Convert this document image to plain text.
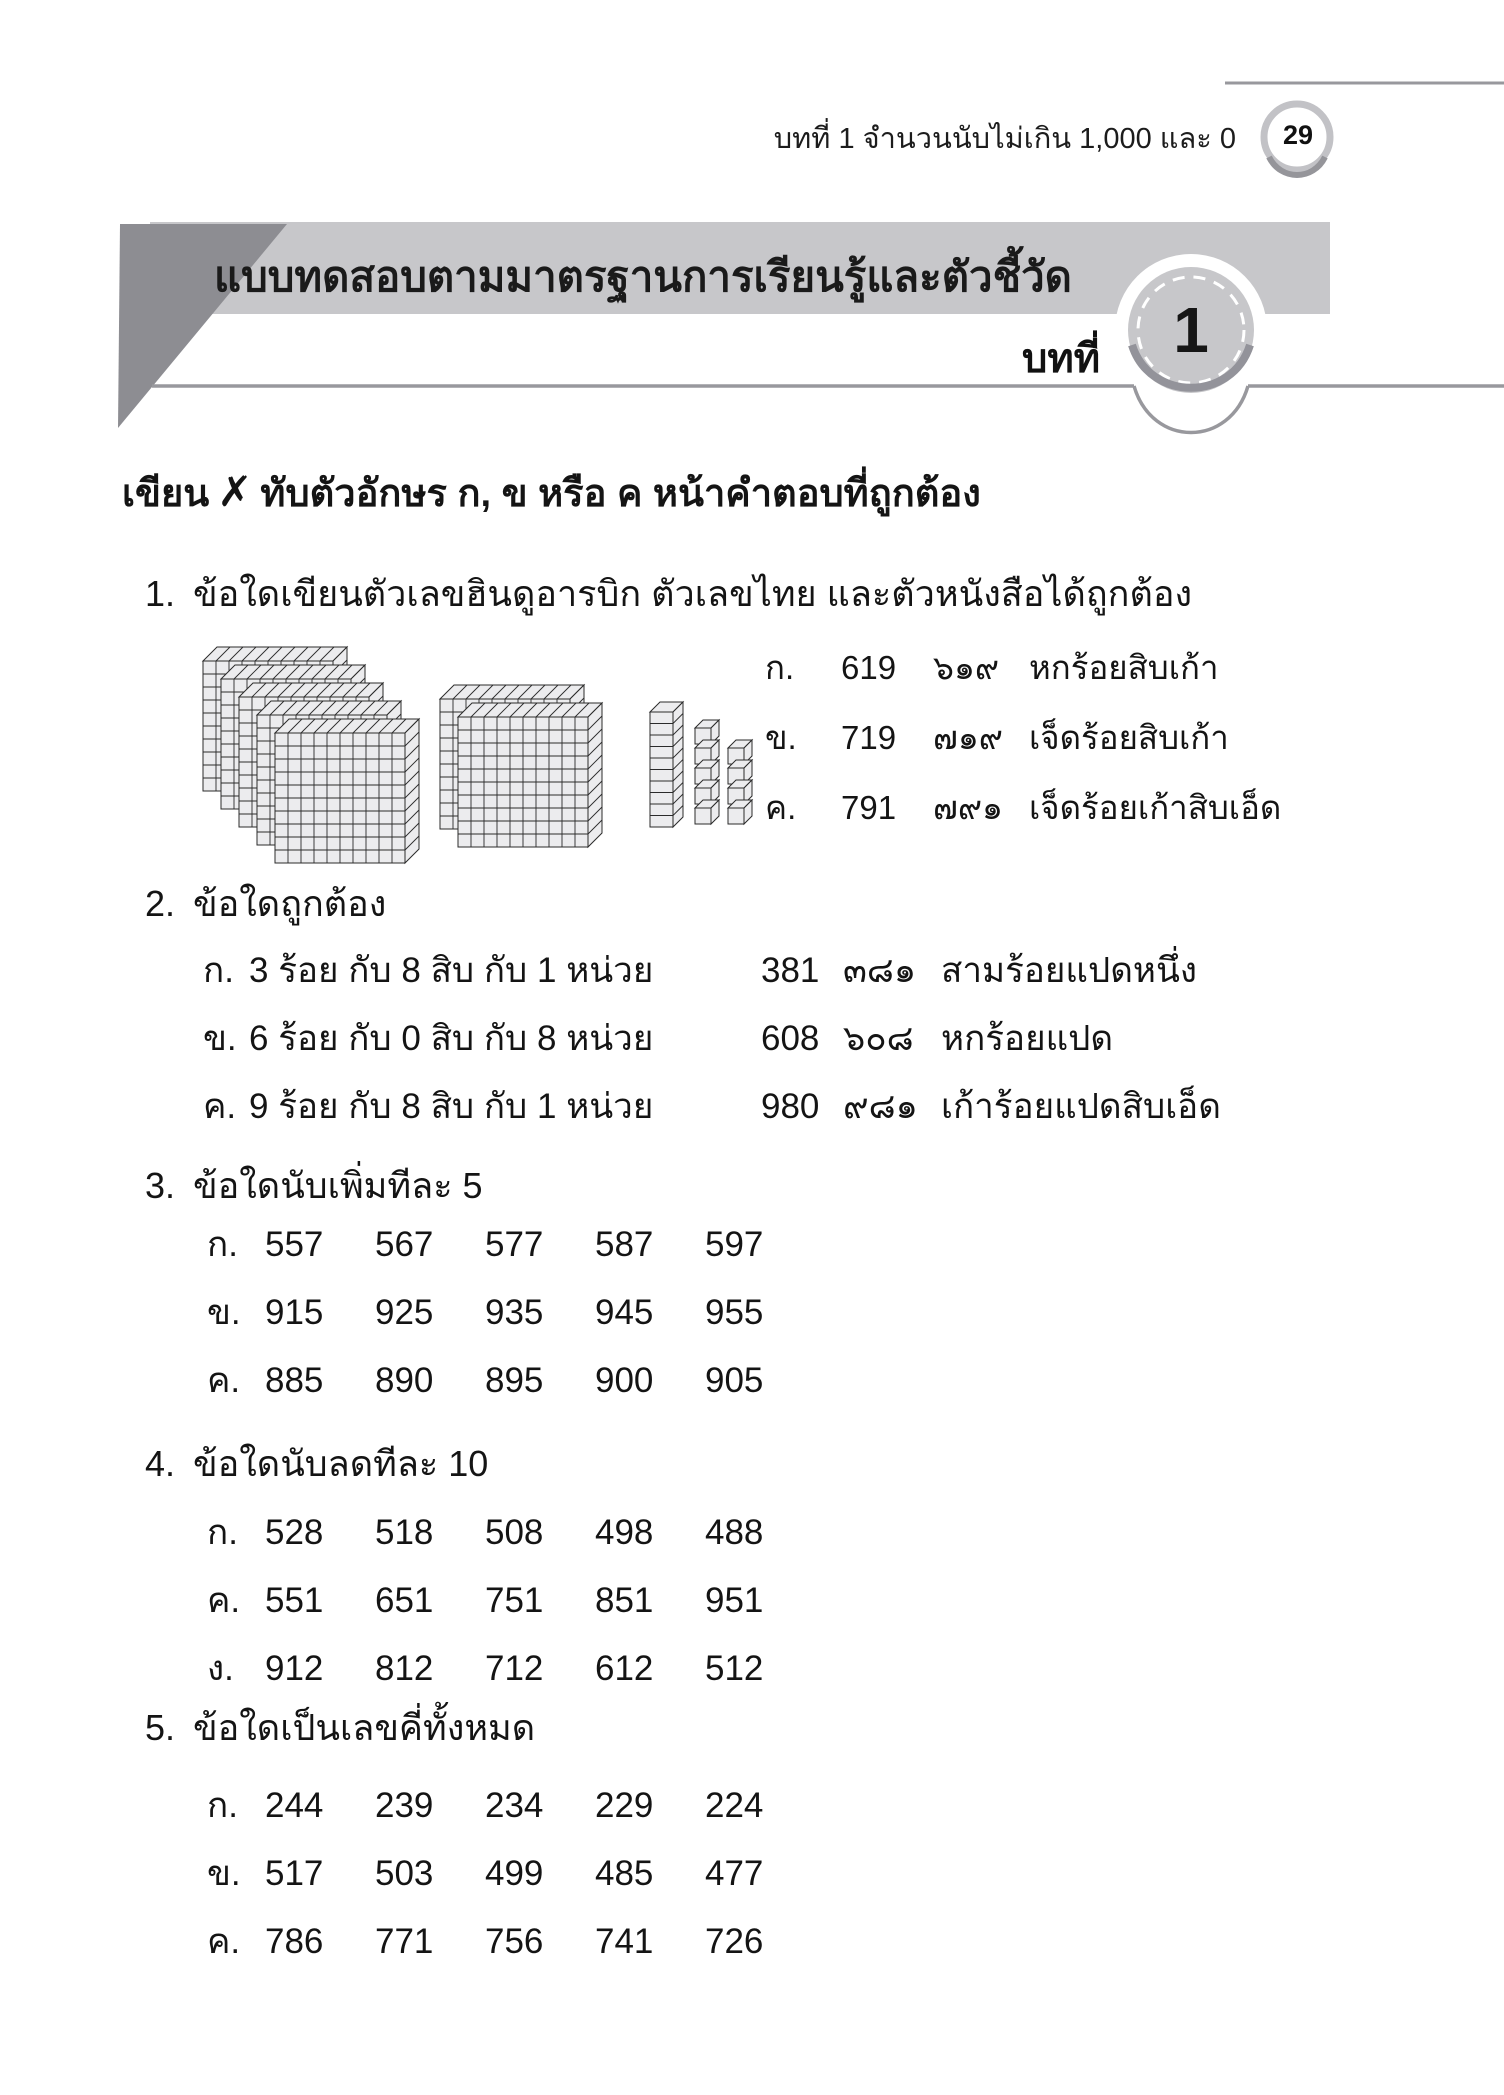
บทที่ 1 จำนวนนับไม่เกิน 1,000 และ 0 29
แบบทดสอบตามมาตรฐานการเรียนรู้และตัวชี้วัด
บทที่	1
เขียน ✗ ทับตัวอักษร ก, ข หรือ ค หน้าคำตอบที่ถูกต้อง
1. ข้อใดเขียนตัวเลขฮินดูอารบิก ตัวเลขไทย และตัวหนังสือได้ถูกต้อง
ก. 619 ๖๑๙ หกร้อยสิบเก้า
ข. 719 ๗๑๙ เจ็ดร้อยสิบเก้า
ค. 791 ๗๙๑ เจ็ดร้อยเก้าสิบเอ็ด
2. ข้อใดถูกต้อง
ก. 3 ร้อย กับ 8 สิบ กับ 1 หน่วย	381 ๓๘๑ สามร้อยแปดหนึ่ง
ข. 6 ร้อย กับ 0 สิบ กับ 8 หน่วย	608 ๖๐๘ หกร้อยแปด
ค. 9 ร้อย กับ 8 สิบ กับ 1 หน่วย	980 ๙๘๑ เก้าร้อยแปดสิบเอ็ด
3. ข้อใดนับเพิ่มทีละ 5
ก. 557 567 577 587 597
ข. 915 925 935 945 955
ค. 885 890 895 900 905
4. ข้อใดนับลดทีละ 10
ก. 528 518 508 498 488
ค. 551 651 751 851 951
ง. 912 812 712 612 512
5. ข้อใดเป็นเลขคี่ทั้งหมด
ก. 244 239 234 229 224
ข. 517 503 499 485 477
ค. 786 771 756 741 726
